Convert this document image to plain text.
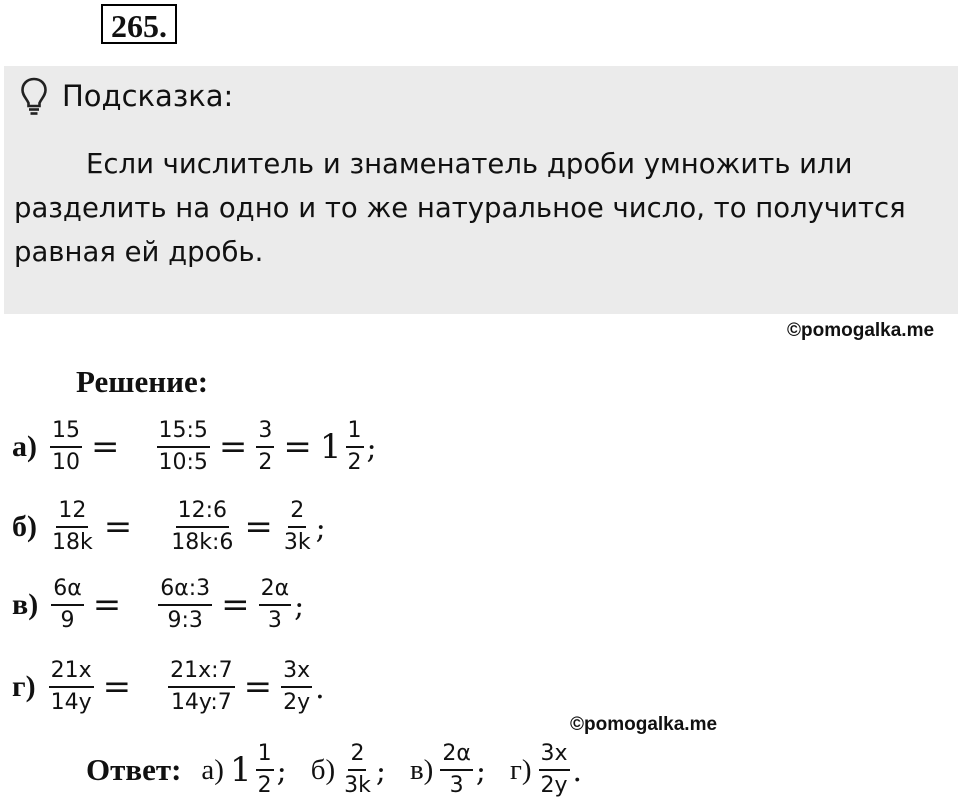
265.
Подсказка:
Если числитель и знаменатель дроби умножить или разделить на одно и то же натуральное число, то получится равная ей дробь.
©pomogalka.me
Решение:
$а) \frac{15}{10} = \frac{15:5}{10:5} = \frac{3}{2} = 1 \frac{1}{2}$ ;
$б) \frac{12}{18k} = \frac{12:6}{18k:6} = \frac{2}{3k}$ ;
$в) \frac{6\alpha}{9} = \frac{6\alpha:3}{9:3} = \frac{2\alpha}{3}$ ;
$г) \frac{21x}{14y} = \frac{21x:7}{14y:7} = \frac{3x}{2y}$ .
©pomogalka.me
Ответ: а) $1 \frac{1}{2}$ ; $б) \frac{2}{3k}$ ; $в) \frac{2\alpha}{3}$ ; $г) \frac{3x}{2y}$ .
